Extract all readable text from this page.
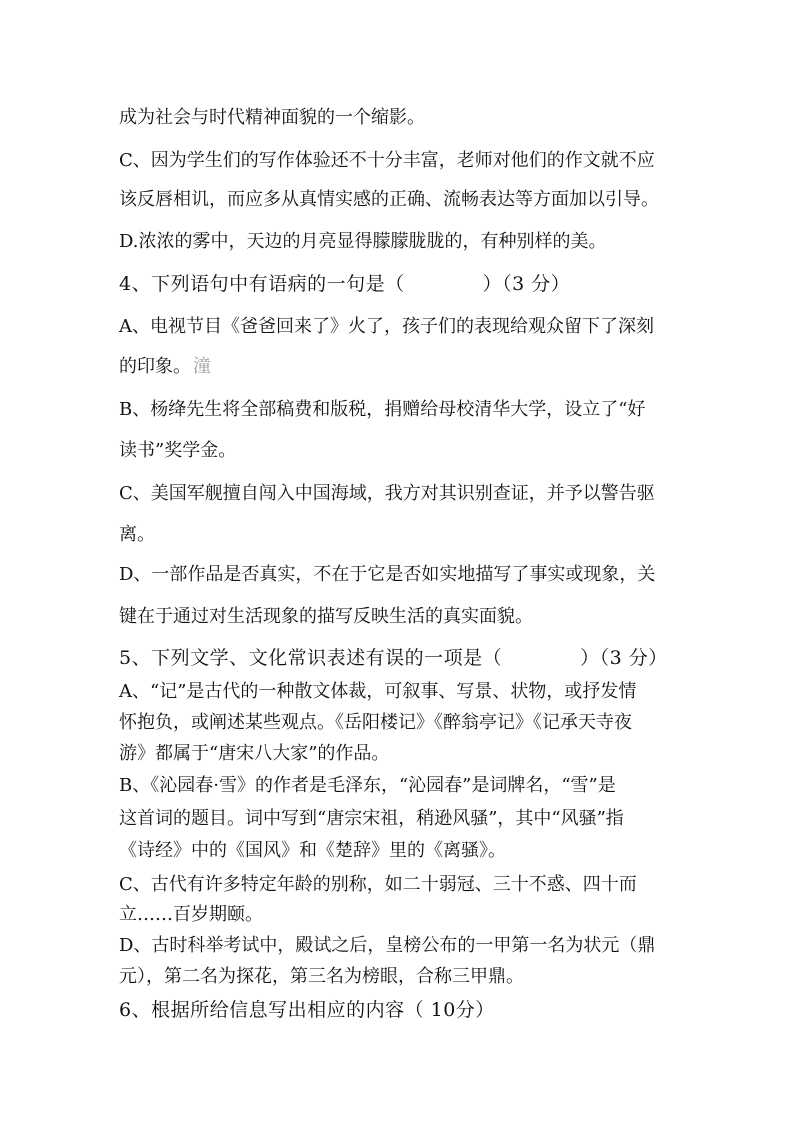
成为社会与时代精神面貌的一个缩影。
C、因为学生们的写作体验还不十分丰富，老师对他们的作文就不应
该反唇相讥，而应多从真情实感的正确、流畅表达等方面加以引导。
D.浓浓的雾中，天边的月亮显得朦朦胧胧的，有种别样的美。
4、下列语句中有语病的一句是（　　　　）（3 分）
A、电视节目《爸爸回来了》火了，孩子们的表现给观众留下了深刻
的印象。 潼
B、杨绛先生将全部稿费和版税，捐赠给母校清华大学，设立了“好
读书”奖学金。
C、美国军舰擅自闯入中国海域，我方对其识别查证，并予以警告驱
离。
D、一部作品是否真实，不在于它是否如实地描写了事实或现象，关
键在于通过对生活现象的描写反映生活的真实面貌。
5、下列文学、文化常识表述有误的一项是（　　　　）（3 分）
A、“记”是古代的一种散文体裁，可叙事、写景、状物，或抒发情
怀抱负，或阐述某些观点。《岳阳楼记》《醉翁亭记》《记承天寺夜
游》都属于“唐宋八大家”的作品。
B、《沁园春·雪》的作者是毛泽东，“沁园春”是词牌名，“雪”是
这首词的题目。词中写到“唐宗宋祖，稍逊风骚”，其中“风骚”指
《诗经》中的《国风》和《楚辞》里的《离骚》。
C、古代有许多特定年龄的别称，如二十弱冠、三十不惑、四十而
立……百岁期颐。
D、古时科举考试中，殿试之后，皇榜公布的一甲第一名为状元（鼎
元），第二名为探花，第三名为榜眼，合称三甲鼎。
6、根据所给信息写出相应的内容（ 10分）
